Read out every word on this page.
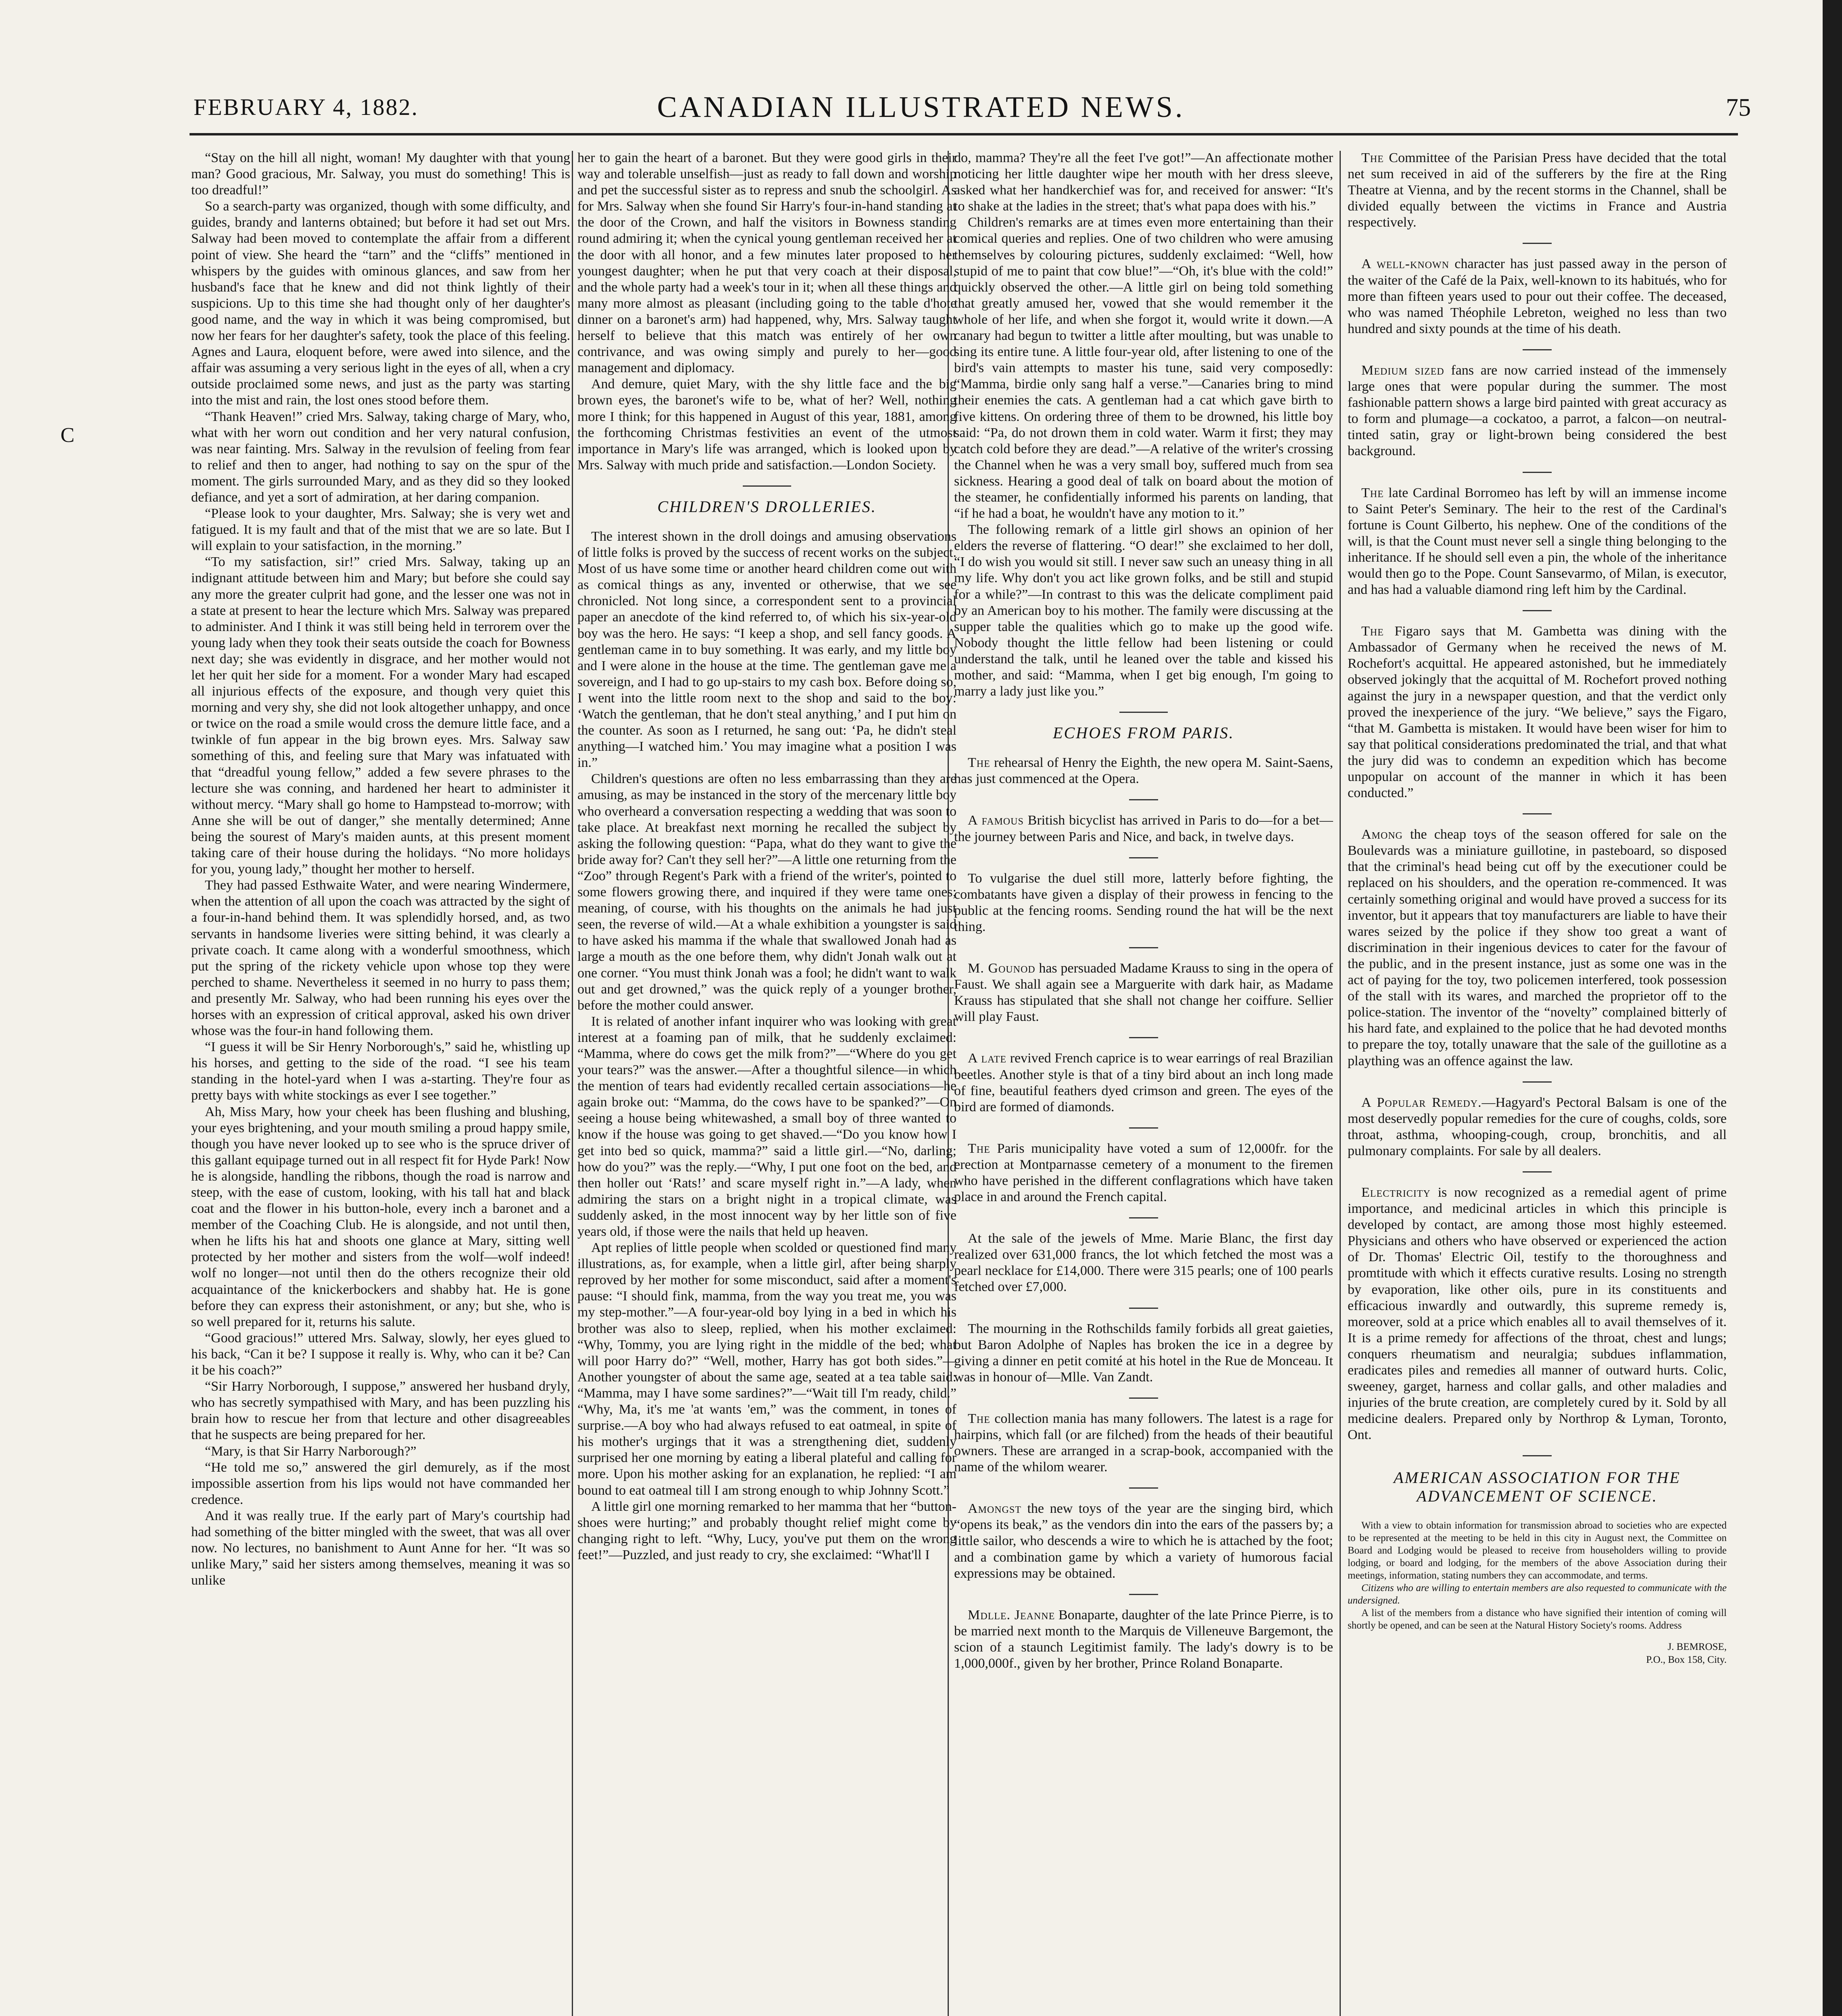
C
FEBRUARY 4, 1882.	CANADIAN ILLUSTRATED NEWS.	75

“Stay on the hill all night, woman! My daughter with that young man? Good gracious, Mr. Salway, you must do something! This is too dreadful!”

So a search-party was organized, though with some difficulty, and guides, brandy and lanterns obtained; but before it had set out Mrs. Salway had been moved to contemplate the affair from a different point of view. She heard the “tarn” and the “cliffs” mentioned in whispers by the guides with ominous glances, and saw from her husband's face that he knew and did not think lightly of their suspicions. Up to this time she had thought only of her daughter's good name, and the way in which it was being compromised, but now her fears for her daughter's safety, took the place of this feeling. Agnes and Laura, eloquent before, were awed into silence, and the affair was assuming a very serious light in the eyes of all, when a cry outside proclaimed some news, and just as the party was starting into the mist and rain, the lost ones stood before them.

“Thank Heaven!” cried Mrs. Salway, taking charge of Mary, who, what with her worn out condition and her very natural confusion, was near fainting. Mrs. Salway in the revulsion of feeling from fear to relief and then to anger, had nothing to say on the spur of the moment. The girls surrounded Mary, and as they did so they looked defiance, and yet a sort of admiration, at her daring companion.

“Please look to your daughter, Mrs. Salway; she is very wet and fatigued. It is my fault and that of the mist that we are so late. But I will explain to your satisfaction, in the morning.”

“To my satisfaction, sir!” cried Mrs. Salway, taking up an indignant attitude between him and Mary; but before she could say any more the greater culprit had gone, and the lesser one was not in a state at present to hear the lecture which Mrs. Salway was prepared to administer. And I think it was still being held in terrorem over the young lady when they took their seats outside the coach for Bowness next day; she was evidently in disgrace, and her mother would not let her quit her side for a moment. For a wonder Mary had escaped all injurious effects of the exposure, and though very quiet this morning and very shy, she did not look altogether unhappy, and once or twice on the road a smile would cross the demure little face, and a twinkle of fun appear in the big brown eyes. Mrs. Salway saw something of this, and feeling sure that Mary was infatuated with that “dreadful young fellow,” added a few severe phrases to the lecture she was conning, and hardened her heart to administer it without mercy. “Mary shall go home to Hampstead to-morrow; with Anne she will be out of danger,” she mentally determined; Anne being the sourest of Mary's maiden aunts, at this present moment taking care of their house during the holidays. “No more holidays for you, young lady,” thought her mother to herself.

They had passed Esthwaite Water, and were nearing Windermere, when the attention of all upon the coach was attracted by the sight of a four-in-hand behind them. It was splendidly horsed, and, as two servants in handsome liveries were sitting behind, it was clearly a private coach. It came along with a wonderful smoothness, which put the spring of the rickety vehicle upon whose top they were perched to shame. Nevertheless it seemed in no hurry to pass them; and presently Mr. Salway, who had been running his eyes over the horses with an expression of critical approval, asked his own driver whose was the four-in hand following them.

“I guess it will be Sir Henry Norborough's,” said he, whistling up his horses, and getting to the side of the road. “I see his team standing in the hotel-yard when I was a-starting. They're four as pretty bays with white stockings as ever I see together.”

Ah, Miss Mary, how your cheek has been flushing and blushing, your eyes brightening, and your mouth smiling a proud happy smile, though you have never looked up to see who is the spruce driver of this gallant equipage turned out in all respect fit for Hyde Park! Now he is alongside, handling the ribbons, though the road is narrow and steep, with the ease of custom, looking, with his tall hat and black coat and the flower in his button-hole, every inch a baronet and a member of the Coaching Club. He is alongside, and not until then, when he lifts his hat and shoots one glance at Mary, sitting well protected by her mother and sisters from the wolf—wolf indeed! wolf no longer—not until then do the others recognize their old acquaintance of the knickerbockers and shabby hat. He is gone before they can express their astonishment, or any; but she, who is so well prepared for it, returns his salute.

“Good gracious!” uttered Mrs. Salway, slowly, her eyes glued to his back, “Can it be? I suppose it really is. Why, who can it be? Can it be his coach?”

“Sir Harry Norborough, I suppose,” answered her husband dryly, who has secretly sympathised with Mary, and has been puzzling his brain how to rescue her from that lecture and other disagreeables that he suspects are being prepared for her.

“Mary, is that Sir Harry Narborough?”

“He told me so,” answered the girl demurely, as if the most impossible assertion from his lips would not have commanded her credence.

And it was really true. If the early part of Mary's courtship had had something of the bitter mingled with the sweet, that was all over now. No lectures, no banishment to Aunt Anne for her. “It was so unlike Mary,” said her sisters among themselves, meaning it was so unlike

her to gain the heart of a baronet. But they were good girls in their way and tolerable unselfish—just as ready to fall down and worship and pet the successful sister as to repress and snub the schoolgirl. As for Mrs. Salway when she found Sir Harry's four-in-hand standing at the door of the Crown, and half the visitors in Bowness standing round admiring it; when the cynical young gentleman received her at the door with all honor, and a few minutes later proposed to her youngest daughter; when he put that very coach at their disposal, and the whole party had a week's tour in it; when all these things and many more almost as pleasant (including going to the table d'hote dinner on a baronet's arm) had happened, why, Mrs. Salway taught herself to believe that this match was entirely of her own contrivance, and was owing simply and purely to her—good management and diplomacy.

And demure, quiet Mary, with the shy little face and the big brown eyes, the baronet's wife to be, what of her? Well, nothing more I think; for this happened in August of this year, 1881, among the forthcoming Christmas festivities an event of the utmost importance in Mary's life was arranged, which is looked upon by Mrs. Salway with much pride and satisfaction.—London Society.

CHILDREN'S DROLLERIES.

The interest shown in the droll doings and amusing observations of little folks is proved by the success of recent works on the subject. Most of us have some time or another heard children come out with as comical things as any, invented or otherwise, that we see chronicled. Not long since, a correspondent sent to a provincial paper an anecdote of the kind referred to, of which his six-year-old boy was the hero. He says: “I keep a shop, and sell fancy goods. A gentleman came in to buy something. It was early, and my little boy and I were alone in the house at the time. The gentleman gave me a sovereign, and I had to go up-stairs to my cash box. Before doing so, I went into the little room next to the shop and said to the boy: ‘Watch the gentleman, that he don't steal anything,’ and I put him on the counter. As soon as I returned, he sang out: ‘Pa, he didn't steal anything—I watched him.’ You may imagine what a position I was in.”

Children's questions are often no less embarrassing than they are amusing, as may be instanced in the story of the mercenary little boy who overheard a conversation respecting a wedding that was soon to take place. At breakfast next morning he recalled the subject by asking the following question: “Papa, what do they want to give the bride away for? Can't they sell her?”—A little one returning from the “Zoo” through Regent's Park with a friend of the writer's, pointed to some flowers growing there, and inquired if they were tame ones; meaning, of course, with his thoughts on the animals he had just seen, the reverse of wild.—At a whale exhibition a youngster is said to have asked his mamma if the whale that swallowed Jonah had as large a mouth as the one before them, why didn't Jonah walk out at one corner. “You must think Jonah was a fool; he didn't want to walk out and get drowned,” was the quick reply of a younger brother, before the mother could answer.

It is related of another infant inquirer who was looking with great interest at a foaming pan of milk, that he suddenly exclaimed: “Mamma, where do cows get the milk from?”—“Where do you get your tears?” was the answer.—After a thoughtful silence—in which the mention of tears had evidently recalled certain associations—he again broke out: “Mamma, do the cows have to be spanked?”—On seeing a house being whitewashed, a small boy of three wanted to know if the house was going to get shaved.—“Do you know how I get into bed so quick, mamma?” said a little girl.—“No, darling; how do you?” was the reply.—“Why, I put one foot on the bed, and then holler out ‘Rats!’ and scare myself right in.”—A lady, when admiring the stars on a bright night in a tropical climate, was suddenly asked, in the most innocent way by her little son of five years old, if those were the nails that held up heaven.

Apt replies of little people when scolded or questioned find many illustrations, as, for example, when a little girl, after being sharply reproved by her mother for some misconduct, said after a moment's pause: “I should fink, mamma, from the way you treat me, you was my step-mother.”—A four-year-old boy lying in a bed in which his brother was also to sleep, replied, when his mother exclaimed: “Why, Tommy, you are lying right in the middle of the bed; what will poor Harry do?” “Well, mother, Harry has got both sides.”—Another youngster of about the same age, seated at a tea table said: “Mamma, may I have some sardines?”—“Wait till I'm ready, child.” “Why, Ma, it's me 'at wants 'em,” was the comment, in tones of surprise.—A boy who had always refused to eat oatmeal, in spite of his mother's urgings that it was a strengthening diet, suddenly surprised her one morning by eating a liberal plateful and calling for more. Upon his mother asking for an explanation, he replied: “I am bound to eat oatmeal till I am strong enough to whip Johnny Scott.”

A little girl one morning remarked to her mamma that her “button-shoes were hurting;” and probably thought relief might come by changing right to left. “Why, Lucy, you've put them on the wrong feet!”—Puzzled, and just ready to cry, she exclaimed: “What'll I

do, mamma? They're all the feet I've got!”—An affectionate mother noticing her little daughter wipe her mouth with her dress sleeve, asked what her handkerchief was for, and received for answer: “It's to shake at the ladies in the street; that's what papa does with his.”

Children's remarks are at times even more entertaining than their comical queries and replies. One of two children who were amusing themselves by colouring pictures, suddenly exclaimed: “Well, how stupid of me to paint that cow blue!”—“Oh, it's blue with the cold!” quickly observed the other.—A little girl on being told something that greatly amused her, vowed that she would remember it the whole of her life, and when she forgot it, would write it down.—A canary had begun to twitter a little after moulting, but was unable to sing its entire tune. A little four-year old, after listening to one of the bird's vain attempts to master his tune, said very composedly: “Mamma, birdie only sang half a verse.”—Canaries bring to mind their enemies the cats. A gentleman had a cat which gave birth to five kittens. On ordering three of them to be drowned, his little boy said: “Pa, do not drown them in cold water. Warm it first; they may catch cold before they are dead.”—A relative of the writer's crossing the Channel when he was a very small boy, suffered much from sea sickness. Hearing a good deal of talk on board about the motion of the steamer, he confidentially informed his parents on landing, that “if he had a boat, he wouldn't have any motion to it.”

The following remark of a little girl shows an opinion of her elders the reverse of flattering. “O dear!” she exclaimed to her doll, “I do wish you would sit still. I never saw such an uneasy thing in all my life. Why don't you act like grown folks, and be still and stupid for a while?”—In contrast to this was the delicate compliment paid by an American boy to his mother. The family were discussing at the supper table the qualities which go to make up the good wife. Nobody thought the little fellow had been listening or could understand the talk, until he leaned over the table and kissed his mother, and said: “Mamma, when I get big enough, I'm going to marry a lady just like you.”

ECHOES FROM PARIS.

The rehearsal of Henry the Eighth, the new opera M. Saint-Saens, has just commenced at the Opera.

A famous British bicyclist has arrived in Paris to do—for a bet—the journey between Paris and Nice, and back, in twelve days.

To vulgarise the duel still more, latterly before fighting, the combatants have given a display of their prowess in fencing to the public at the fencing rooms. Sending round the hat will be the next thing.

M. Gounod has persuaded Madame Krauss to sing in the opera of Faust. We shall again see a Marguerite with dark hair, as Madame Krauss has stipulated that she shall not change her coiffure. Sellier will play Faust.

A late revived French caprice is to wear earrings of real Brazilian beetles. Another style is that of a tiny bird about an inch long made of fine, beautiful feathers dyed crimson and green. The eyes of the bird are formed of diamonds.

The Paris municipality have voted a sum of 12,000fr. for the erection at Montparnasse cemetery of a monument to the firemen who have perished in the different conflagrations which have taken place in and around the French capital.

At the sale of the jewels of Mme. Marie Blanc, the first day realized over 631,000 francs, the lot which fetched the most was a pearl necklace for £14,000. There were 315 pearls; one of 100 pearls fetched over £7,000.

The mourning in the Rothschilds family forbids all great gaieties, but Baron Adolphe of Naples has broken the ice in a degree by giving a dinner en petit comité at his hotel in the Rue de Monceau. It was in honour of—Mlle. Van Zandt.

The collection mania has many followers. The latest is a rage for hairpins, which fall (or are filched) from the heads of their beautiful owners. These are arranged in a scrap-book, accompanied with the name of the whilom wearer.

Amongst the new toys of the year are the singing bird, which “opens its beak,” as the vendors din into the ears of the passers by; a little sailor, who descends a wire to which he is attached by the foot; and a combination game by which a variety of humorous facial expressions may be obtained.

Mdlle. Jeanne Bonaparte, daughter of the late Prince Pierre, is to be married next month to the Marquis de Villeneuve Bargemont, the scion of a staunch Legitimist family. The lady's dowry is to be 1,000,000f., given by her brother, Prince Roland Bonaparte.

The Committee of the Parisian Press have decided that the total net sum received in aid of the sufferers by the fire at the Ring Theatre at Vienna, and by the recent storms in the Channel, shall be divided equally between the victims in France and Austria respectively.

A well-known character has just passed away in the person of the waiter of the Café de la Paix, well-known to its habitués, who for more than fifteen years used to pour out their coffee. The deceased, who was named Théophile Lebreton, weighed no less than two hundred and sixty pounds at the time of his death.

Medium sized fans are now carried instead of the immensely large ones that were popular during the summer. The most fashionable pattern shows a large bird painted with great accuracy as to form and plumage—a cockatoo, a parrot, a falcon—on neutral-tinted satin, gray or light-brown being considered the best background.

The late Cardinal Borromeo has left by will an immense income to Saint Peter's Seminary. The heir to the rest of the Cardinal's fortune is Count Gilberto, his nephew. One of the conditions of the will, is that the Count must never sell a single thing belonging to the inheritance. If he should sell even a pin, the whole of the inheritance would then go to the Pope. Count Sansevarmo, of Milan, is executor, and has had a valuable diamond ring left him by the Cardinal.

The Figaro says that M. Gambetta was dining with the Ambassador of Germany when he received the news of M. Rochefort's acquittal. He appeared astonished, but he immediately observed jokingly that the acquittal of M. Rochefort proved nothing against the jury in a newspaper question, and that the verdict only proved the inexperience of the jury. “We believe,” says the Figaro, “that M. Gambetta is mistaken. It would have been wiser for him to say that political considerations predominated the trial, and that what the jury did was to condemn an expedition which has become unpopular on account of the manner in which it has been conducted.”

Among the cheap toys of the season offered for sale on the Boulevards was a miniature guillotine, in pasteboard, so disposed that the criminal's head being cut off by the executioner could be replaced on his shoulders, and the operation re-commenced. It was certainly something original and would have proved a success for its inventor, but it appears that toy manufacturers are liable to have their wares seized by the police if they show too great a want of discrimination in their ingenious devices to cater for the favour of the public, and in the present instance, just as some one was in the act of paying for the toy, two policemen interfered, took possession of the stall with its wares, and marched the proprietor off to the police-station. The inventor of the “novelty” complained bitterly of his hard fate, and explained to the police that he had devoted months to prepare the toy, totally unaware that the sale of the guillotine as a plaything was an offence against the law.

A Popular Remedy.—Hagyard's Pectoral Balsam is one of the most deservedly popular remedies for the cure of coughs, colds, sore throat, asthma, whooping-cough, croup, bronchitis, and all pulmonary complaints. For sale by all dealers.

Electricity is now recognized as a remedial agent of prime importance, and medicinal articles in which this principle is developed by contact, are among those most highly esteemed. Physicians and others who have observed or experienced the action of Dr. Thomas' Electric Oil, testify to the thoroughness and promtitude with which it effects curative results. Losing no strength by evaporation, like other oils, pure in its constituents and efficacious inwardly and outwardly, this supreme remedy is, moreover, sold at a price which enables all to avail themselves of it. It is a prime remedy for affections of the throat, chest and lungs; conquers rheumatism and neuralgia; subdues inflammation, eradicates piles and remedies all manner of outward hurts. Colic, sweeney, garget, harness and collar galls, and other maladies and injuries of the brute creation, are completely cured by it. Sold by all medicine dealers. Prepared only by Northrop & Lyman, Toronto, Ont.

AMERICAN ASSOCIATION FOR THE
ADVANCEMENT OF SCIENCE.

With a view to obtain information for transmission abroad to societies who are expected to be represented at the meeting to be held in this city in August next, the Committee on Board and Lodging would be pleased to receive from householders willing to provide lodging, or board and lodging, for the members of the above Association during their meetings, information, stating numbers they can accommodate, and terms.

Citizens who are willing to entertain members are also requested to communicate with the undersigned.

A list of the members from a distance who have signified their intention of coming will shortly be opened, and can be seen at the Natural History Society's rooms. Address

J. BEMROSE,
P.O., Box 158, City.
